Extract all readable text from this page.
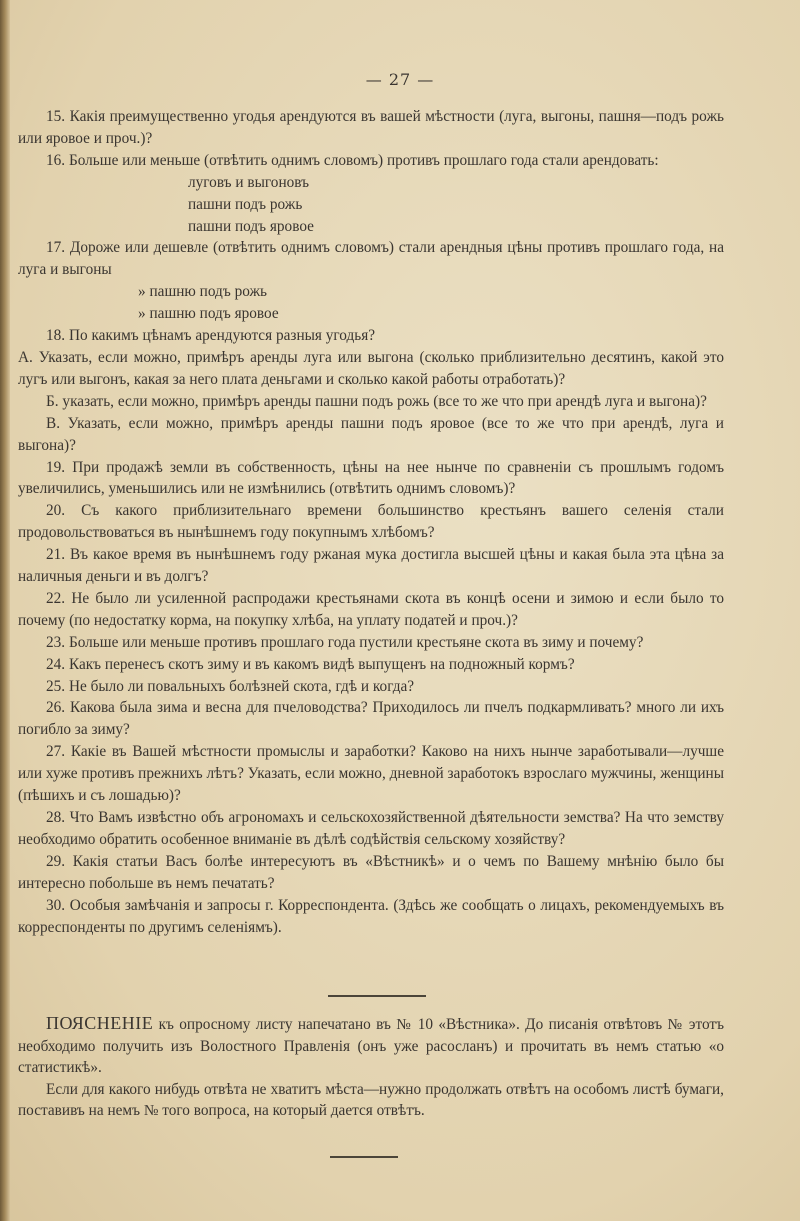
— 27 —

15. Какія преимущественно угодья арендуются въ вашей мѣстности (луга, выгоны, пашня—подъ рожь или яровое и проч.)?

16. Больше или меньше (отвѣтить однимъ словомъ) противъ прошлаго года стали арендовать:

луговъ и выгоновъ

пашни подъ рожь

пашни подъ яровое

17. Дороже или дешевле (отвѣтить однимъ словомъ) стали арендныя цѣны противъ прошлаго года, на луга и выгоны

» пашню подъ рожь

» пашню подъ яровое

18. По какимъ цѣнамъ арендуются разныя угодья?

А. Указать, если можно, примѣръ аренды луга или выгона (сколько приблизительно десятинъ, какой это лугъ или выгонъ, какая за него плата деньгами и сколько какой работы отработать)?

Б. указать, если можно, примѣръ аренды пашни подъ рожь (все то же что при арендѣ луга и выгона)?

В. Указать, если можно, примѣръ аренды пашни подъ яровое (все то же что при арендѣ, луга и выгона)?

19. При продажѣ земли въ собственность, цѣны на нее нынче по сравненіи съ прошлымъ годомъ увеличились, уменьшились или не измѣнились (отвѣтить однимъ словомъ)?

20. Съ какого приблизительнаго времени большинство крестьянъ вашего селенія стали продовольствоваться въ нынѣшнемъ году покупнымъ хлѣбомъ?

21. Въ какое время въ нынѣшнемъ году ржаная мука достигла высшей цѣны и какая была эта цѣна за наличныя деньги и въ долгъ?

22. Не было ли усиленной распродажи крестьянами скота въ концѣ осени и зимою и если было то почему (по недостатку корма, на покупку хлѣба, на уплату податей и проч.)?

23. Больше или меньше противъ прошлаго года пустили крестьяне скота въ зиму и почему?

24. Какъ перенесъ скотъ зиму и въ какомъ видѣ выпущенъ на подножный кормъ?

25. Не было ли повальныхъ болѣзней скота, гдѣ и когда?

26. Какова была зима и весна для пчеловодства? Приходилось ли пчелъ подкармливать? много ли ихъ погибло за зиму?

27. Какіе въ Вашей мѣстности промыслы и заработки? Каково на нихъ нынче заработывали—лучше или хуже противъ прежнихъ лѣтъ? Указать, если можно, дневной заработокъ взрослаго мужчины, женщины (пѣшихъ и съ лошадью)?

28. Что Вамъ извѣстно объ агрономахъ и сельскохозяйственной дѣятельности земства? На что земству необходимо обратить особенное вниманіе въ дѣлѣ содѣйствія сельскому хозяйству?

29. Какія статьи Васъ болѣе интересуютъ въ «Вѣстникѣ» и о чемъ по Вашему мнѣнію было бы интересно побольше въ немъ печатать?

30. Особыя замѣчанія и запросы г. Корреспондента. (Здѣсь же сообщать о лицахъ, рекомендуемыхъ въ корреспонденты по другимъ селеніямъ).

ПОЯСНЕНІЕ къ опросному листу напечатано въ № 10 «Вѣстника». До писанія отвѣтовъ № этотъ необходимо получить изъ Волостного Правленія (онъ уже расосланъ) и прочитать въ немъ статью «о статистикѣ».

Если для какого нибудь отвѣта не хватитъ мѣста—нужно продолжать отвѣтъ на особомъ листѣ бумаги, поставивъ на немъ № того вопроса, на который дается отвѣтъ.
